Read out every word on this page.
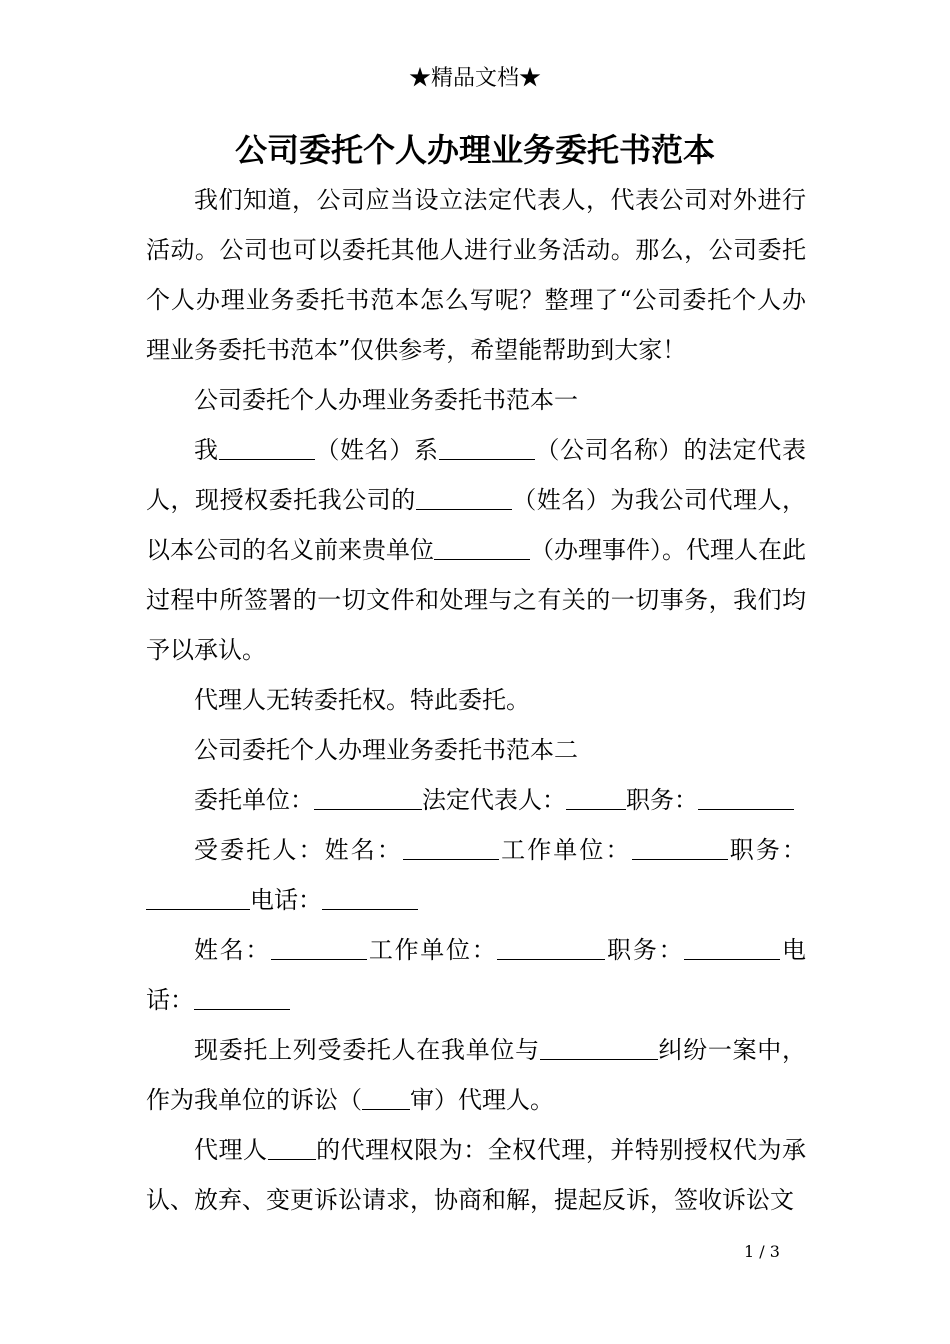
★精品文档★
公司委托个人办理业务委托书范本

我们知道，公司应当设立法定代表人，代表公司对外进行活动。公司也可以委托其他人进行业务活动。那么，公司委托个人办理业务委托书范本怎么写呢？整理了“公司委托个人办理业务委托书范本”仅供参考，希望能帮助到大家！

公司委托个人办理业务委托书范本一

我	（姓名）系	（公司名称）的法定代表人，现授权委托我公司的	（姓名）为我公司代理人，以本公司的名义前来贵单位	（办理事件）。代理人在此过程中所签署的一切文件和处理与之有关的一切事务，我们均予以承认。

代理人无转委托权。特此委托。

公司委托个人办理业务委托书范本二

委托单位：	法定代表人：	职务：

受委托人：姓名：	工作单位：	职务：电话：

姓名：	工作单位：	职务：	电话：

现委托上列受委托人在我单位与	纠纷一案中，作为我单位的诉讼（ 审）代理人。

代理人 的代理权限为：全权代理，并特别授权代为承认、放弃、变更诉讼请求，协商和解，提起反诉，签收诉讼文

1 / 3
